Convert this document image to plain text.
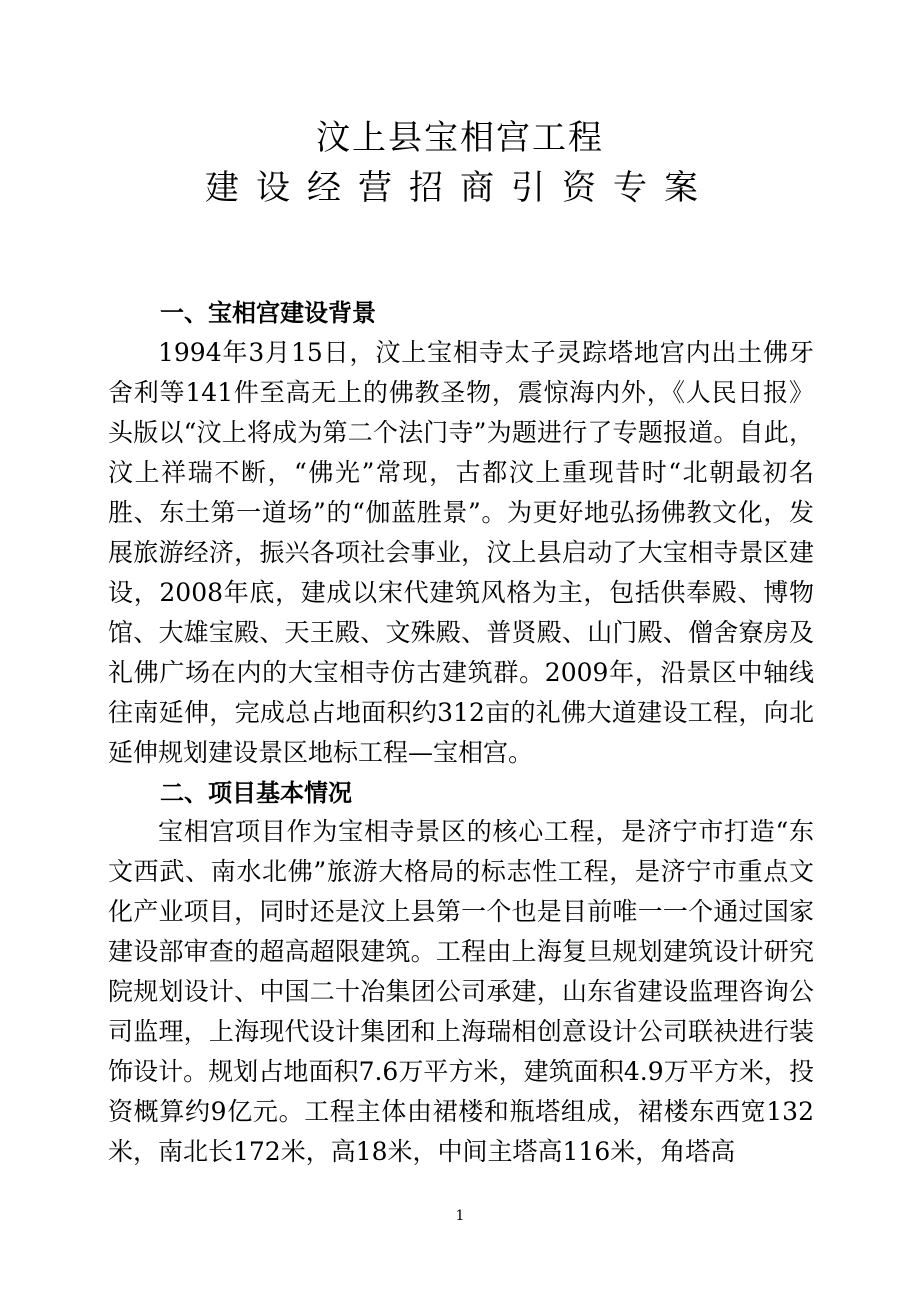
汶上县宝相宫工程
建设经营招商引资专案
一、宝相宫建设背景
1994年3月15日，汶上宝相寺太子灵踪塔地宫内出土佛牙舍利等141件至高无上的佛教圣物，震惊海内外，《人民日报》头版以“汶上将成为第二个法门寺”为题进行了专题报道。自此，汶上祥瑞不断，“佛光”常现，古都汶上重现昔时“北朝最初名胜、东土第一道场”的“伽蓝胜景”。为更好地弘扬佛教文化，发展旅游经济，振兴各项社会事业，汶上县启动了大宝相寺景区建设，2008年底，建成以宋代建筑风格为主，包括供奉殿、博物馆、大雄宝殿、天王殿、文殊殿、普贤殿、山门殿、僧舍寮房及礼佛广场在内的大宝相寺仿古建筑群。2009年，沿景区中轴线往南延伸，完成总占地面积约312亩的礼佛大道建设工程，向北延伸规划建设景区地标工程—宝相宫。
二、项目基本情况
宝相宫项目作为宝相寺景区的核心工程，是济宁市打造“东文西武、南水北佛”旅游大格局的标志性工程，是济宁市重点文化产业项目，同时还是汶上县第一个也是目前唯一一个通过国家建设部审查的超高超限建筑。工程由上海复旦规划建筑设计研究院规划设计、中国二十冶集团公司承建，山东省建设监理咨询公司监理，上海现代设计集团和上海瑞相创意设计公司联袂进行装饰设计。规划占地面积7.6万平方米，建筑面积4.9万平方米，投资概算约9亿元。工程主体由裙楼和瓶塔组成，裙楼东西宽132米，南北长172米，高18米，中间主塔高116米，角塔高
1
